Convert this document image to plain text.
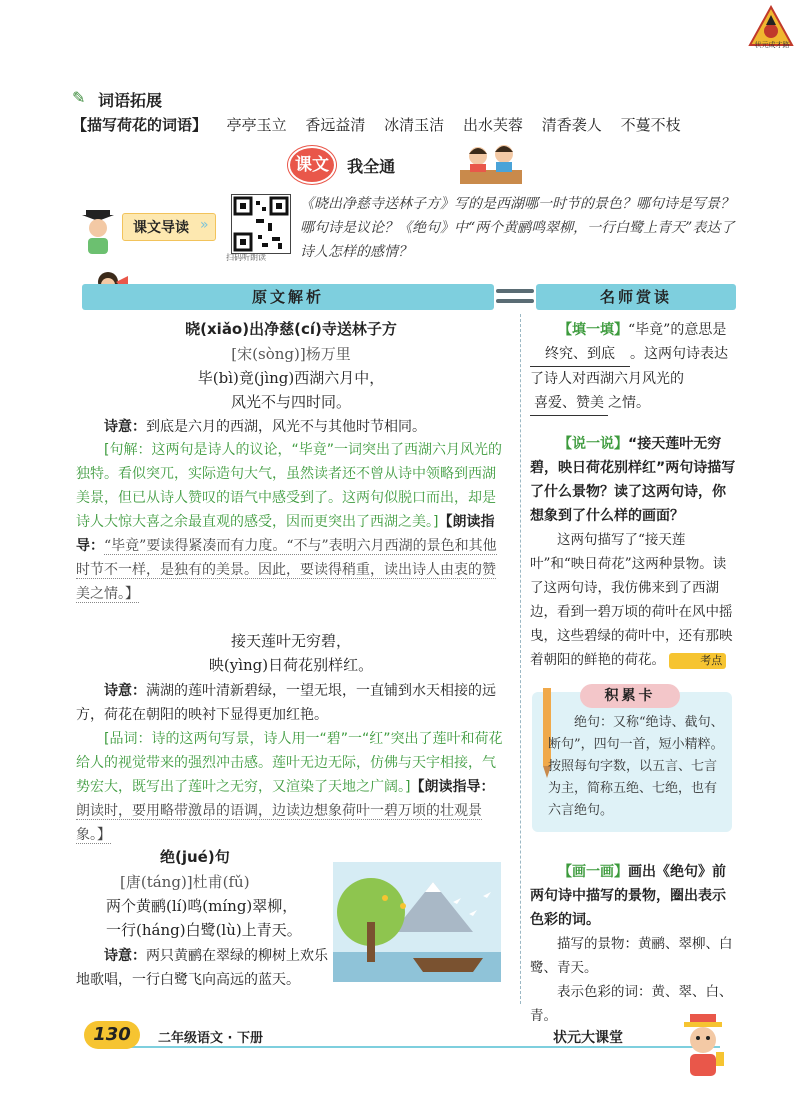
状元成才路
✎ 词语拓展
【描写荷花的词语】 亭亭玉立 香远益清 冰清玉洁 出水芙蓉 清香袭人 不蔓不枝
课文 我全通
课文导读 »
扫码听朗读
《晓出净慈寺送林子方》写的是西湖哪一时节的景色？哪句诗是写景？哪句诗是议论？《绝句》中“两个黄鹂鸣翠柳，一行白鹭上青天”表达了诗人怎样的感情？
原文解析	名师赏读
晓(xiǎo)出净慈(cí)寺送林子方
[宋(sòng)]杨万里
毕(bì)竟(jìng)西湖六月中，
风光不与四时同。
诗意：到底是六月的西湖，风光不与其他时节相同。
[句解：这两句是诗人的议论，“毕竟”一词突出了西湖六月风光的独特。看似突兀，实际造句大气，虽然读者还不曾从诗中领略到西湖美景，但已从诗人赞叹的语气中感受到了。这两句似脱口而出，却是诗人大惊大喜之余最直观的感受，因而更突出了西湖之美。]【朗读指导：“毕竟”要读得紧凑而有力度。“不与”表明六月西湖的景色和其他时节不一样，是独有的美景。因此，要读得稍重，读出诗人由衷的赞美之情。】
接天莲叶无穷碧，
映(yìng)日荷花别样红。
诗意：满湖的莲叶清新碧绿，一望无垠，一直铺到水天相接的远方，荷花在朝阳的映衬下显得更加红艳。
[品词：诗的这两句写景，诗人用一“碧”一“红”突出了莲叶和荷花给人的视觉带来的强烈冲击感。莲叶无边无际，仿佛与天宇相接，气势宏大，既写出了莲叶之无穷，又渲染了天地之广阔。]【朗读指导：朗读时，要用略带激昂的语调，边读边想象荷叶一碧万顷的壮观景象。】
绝(jué)句
[唐(táng)]杜甫(fǔ)
两个黄鹂(lí)鸣(míng)翠柳，
一行(háng)白鹭(lù)上青天。
诗意：两只黄鹂在翠绿的柳树上欢乐地歌唱，一行白鹭飞向高远的蓝天。
【填一填】“毕竟”的意思是终究、到底 。这两句诗表达了诗人对西湖六月风光的喜爱、赞美 之情。
【说一说】“接天莲叶无穷碧，映日荷花别样红”两句诗描写了什么景物？读了这两句诗，你想象到了什么样的画面？
这两句描写了“接天莲叶”和“映日荷花”这两种景物。读了这两句诗，我仿佛来到了西湖边，看到一碧万顷的荷叶在风中摇曳，这些碧绿的荷叶中，还有那映着朝阳的鲜艳的荷花。	考点
积累卡
绝句：又称“绝诗、截句、断句”，四句一首，短小精粹。按照每句字数，以五言、七言为主，简称五绝、七绝，也有六言绝句。
【画一画】画出《绝句》前两句诗中描写的景物，圈出表示色彩的词。
描写的景物：黄鹂、翠柳、白鹭、青天。
表示色彩的词：黄、翠、白、青。
130	二年级语文 · 下册	状元大课堂
